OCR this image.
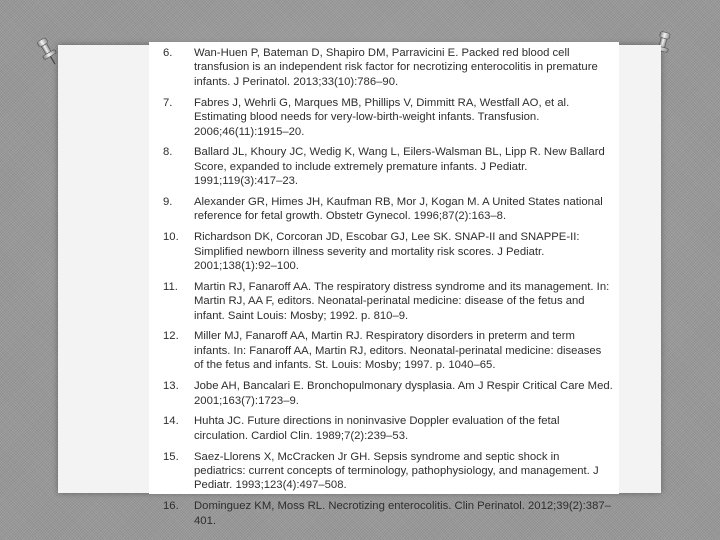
6.	Wan-Huen P, Bateman D, Shapiro DM, Parravicini E. Packed red blood cell transfusion is an independent risk factor for necrotizing enterocolitis in premature infants. J Perinatol. 2013;33(10):786–90.
7.	Fabres J, Wehrli G, Marques MB, Phillips V, Dimmitt RA, Westfall AO, et al. Estimating blood needs for very-low-birth-weight infants. Transfusion. 2006;46(11):1915–20.
8.	Ballard JL, Khoury JC, Wedig K, Wang L, Eilers-Walsman BL, Lipp R. New Ballard Score, expanded to include extremely premature infants. J Pediatr. 1991;119(3):417–23.
9.	Alexander GR, Himes JH, Kaufman RB, Mor J, Kogan M. A United States national reference for fetal growth. Obstetr Gynecol. 1996;87(2):163–8.
10.	Richardson DK, Corcoran JD, Escobar GJ, Lee SK. SNAP-II and SNAPPE-II: Simplified newborn illness severity and mortality risk scores. J Pediatr. 2001;138(1):92–100.
11.	Martin RJ, Fanaroff AA. The respiratory distress syndrome and its management. In: Martin RJ, AA F, editors. Neonatal-perinatal medicine: disease of the fetus and infant. Saint Louis: Mosby; 1992. p. 810–9.
12.	Miller MJ, Fanaroff AA, Martin RJ. Respiratory disorders in preterm and term infants. In: Fanaroff AA, Martin RJ, editors. Neonatal-perinatal medicine: diseases of the fetus and infants. St. Louis: Mosby; 1997. p. 1040–65.
13.	Jobe AH, Bancalari E. Bronchopulmonary dysplasia. Am J Respir Critical Care Med. 2001;163(7):1723–9.
14.	Huhta JC. Future directions in noninvasive Doppler evaluation of the fetal circulation. Cardiol Clin. 1989;7(2):239–53.
15.	Saez-Llorens X, McCracken Jr GH. Sepsis syndrome and septic shock in pediatrics: current concepts of terminology, pathophysiology, and management. J Pediatr. 1993;123(4):497–508.
16.	Dominguez KM, Moss RL. Necrotizing enterocolitis. Clin Perinatol. 2012;39(2):387–401.
